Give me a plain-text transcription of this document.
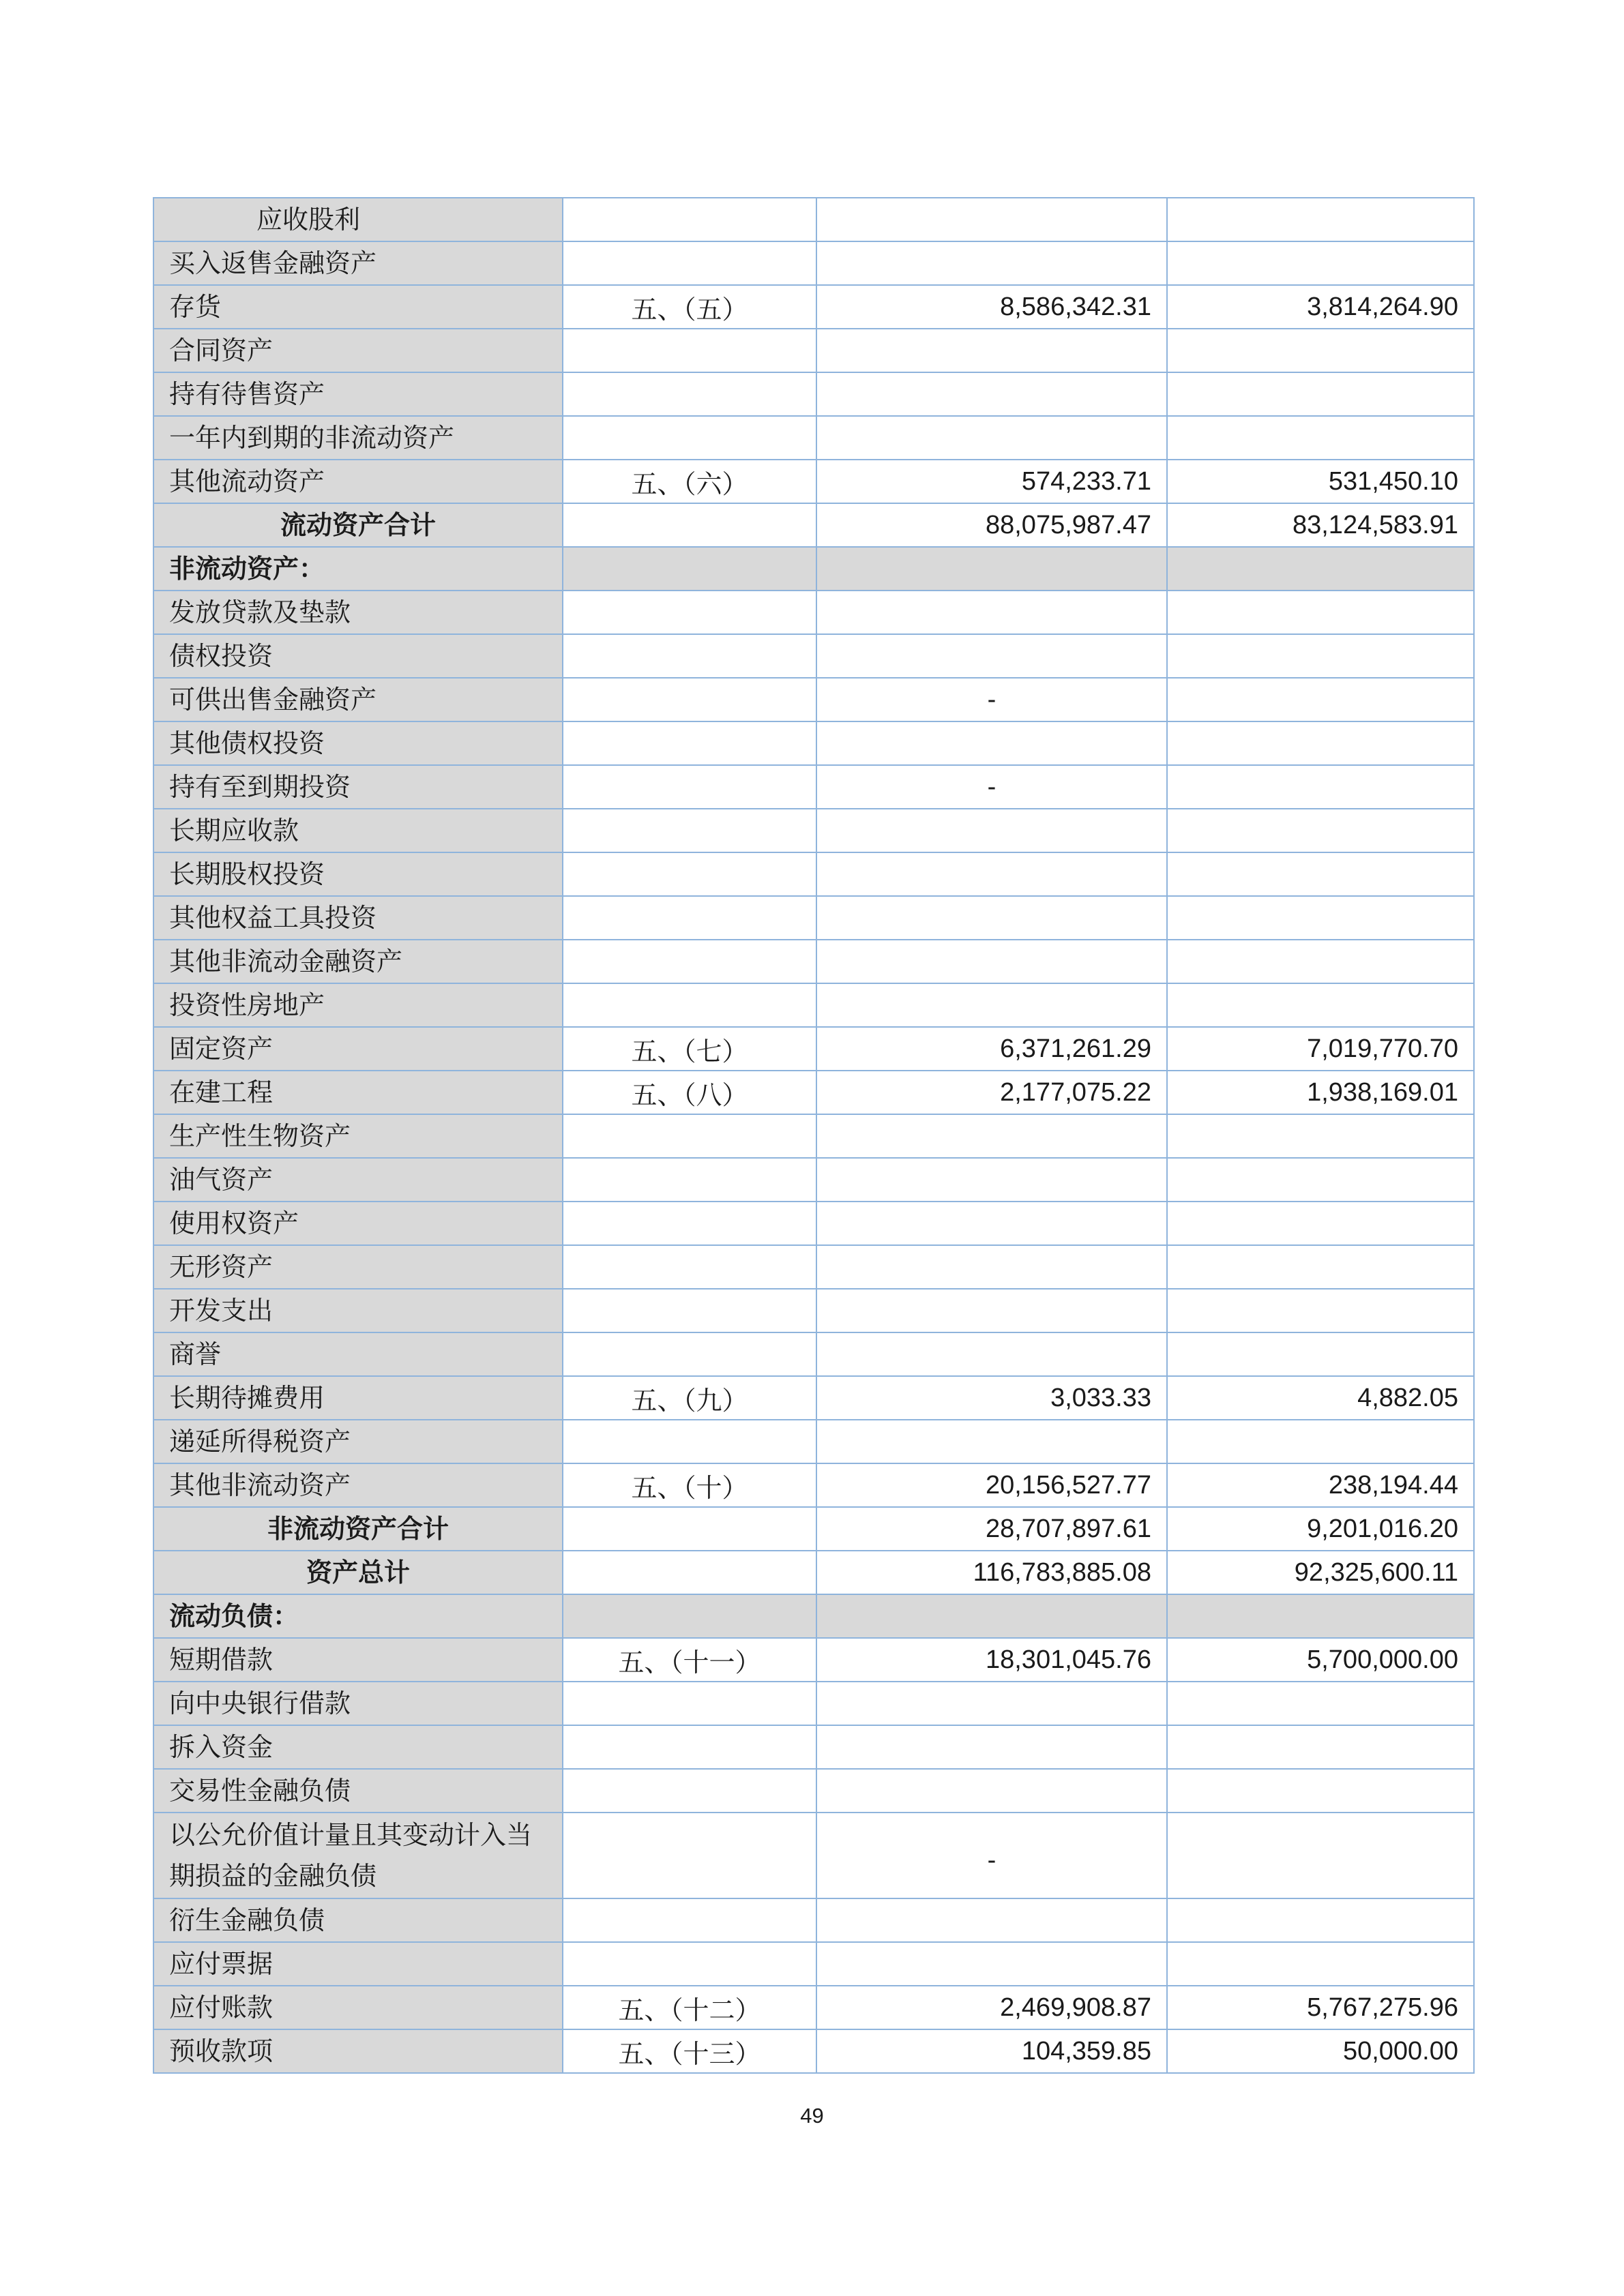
应收股利			
买入返售金融资产			
存货	五、（五）	8,586,342.31	3,814,264.90
合同资产			
持有待售资产			
一年内到期的非流动资产			
其他流动资产	五、（六）	574,233.71	531,450.10
流动资产合计		88,075,987.47	83,124,583.91
非流动资产：			
发放贷款及垫款			
债权投资			
可供出售金融资产		-	
其他债权投资			
持有至到期投资		-	
长期应收款			
长期股权投资			
其他权益工具投资			
其他非流动金融资产			
投资性房地产			
固定资产	五、（七）	6,371,261.29	7,019,770.70
在建工程	五、（八）	2,177,075.22	1,938,169.01
生产性生物资产			
油气资产			
使用权资产			
无形资产			
开发支出			
商誉			
长期待摊费用	五、（九）	3,033.33	4,882.05
递延所得税资产			
其他非流动资产	五、（十）	20,156,527.77	238,194.44
非流动资产合计		28,707,897.61	9,201,016.20
资产总计		116,783,885.08	92,325,600.11
流动负债：			
短期借款	五、（十一）	18,301,045.76	5,700,000.00
向中央银行借款			
拆入资金			
交易性金融负债			
以公允价值计量且其变动计入当期损益的金融负债		-	
衍生金融负债			
应付票据			
应付账款	五、（十二）	2,469,908.87	5,767,275.96
预收款项	五、（十三）	104,359.85	50,000.00
49
